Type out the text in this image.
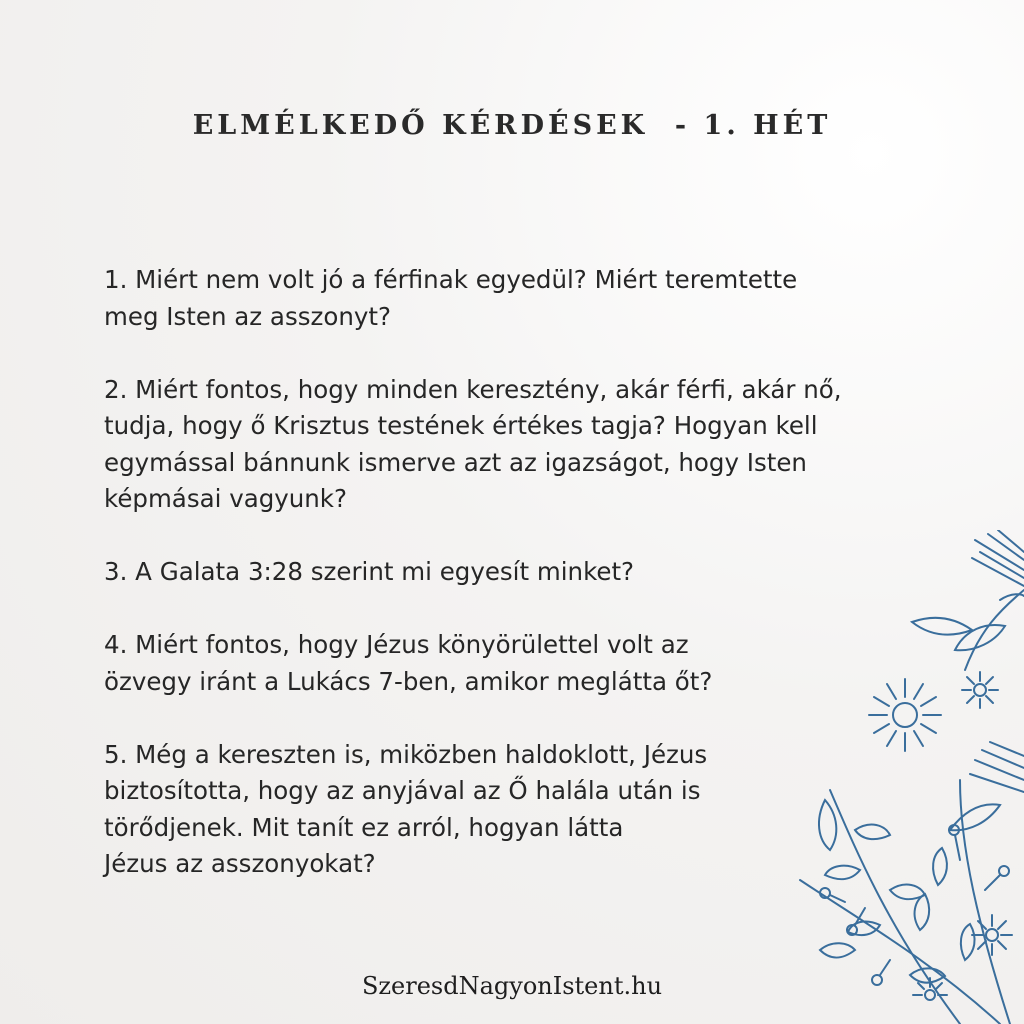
ELMÉLKEDŐ KÉRDÉSEK  - 1. HÉT

1. Miért nem volt jó a férfinak egyedül? Miért teremtette
meg Isten az asszonyt?

2. Miért fontos, hogy minden keresztény, akár férfi, akár nő,
tudja, hogy ő Krisztus testének értékes tagja? Hogyan kell
egymással bánnunk ismerve azt az igazságot, hogy Isten
képmásai vagyunk?

3. A Galata 3:28 szerint mi egyesít minket?

4. Miért fontos, hogy Jézus könyörülettel volt az
özvegy iránt a Lukács 7-ben, amikor meglátta őt?

5. Még a kereszten is, miközben haldoklott, Jézus
biztosította, hogy az anyjával az Ő halála után is
törődjenek. Mit tanít ez arról, hogyan látta
Jézus az asszonyokat?

SzeresdNagyonIstent.hu
